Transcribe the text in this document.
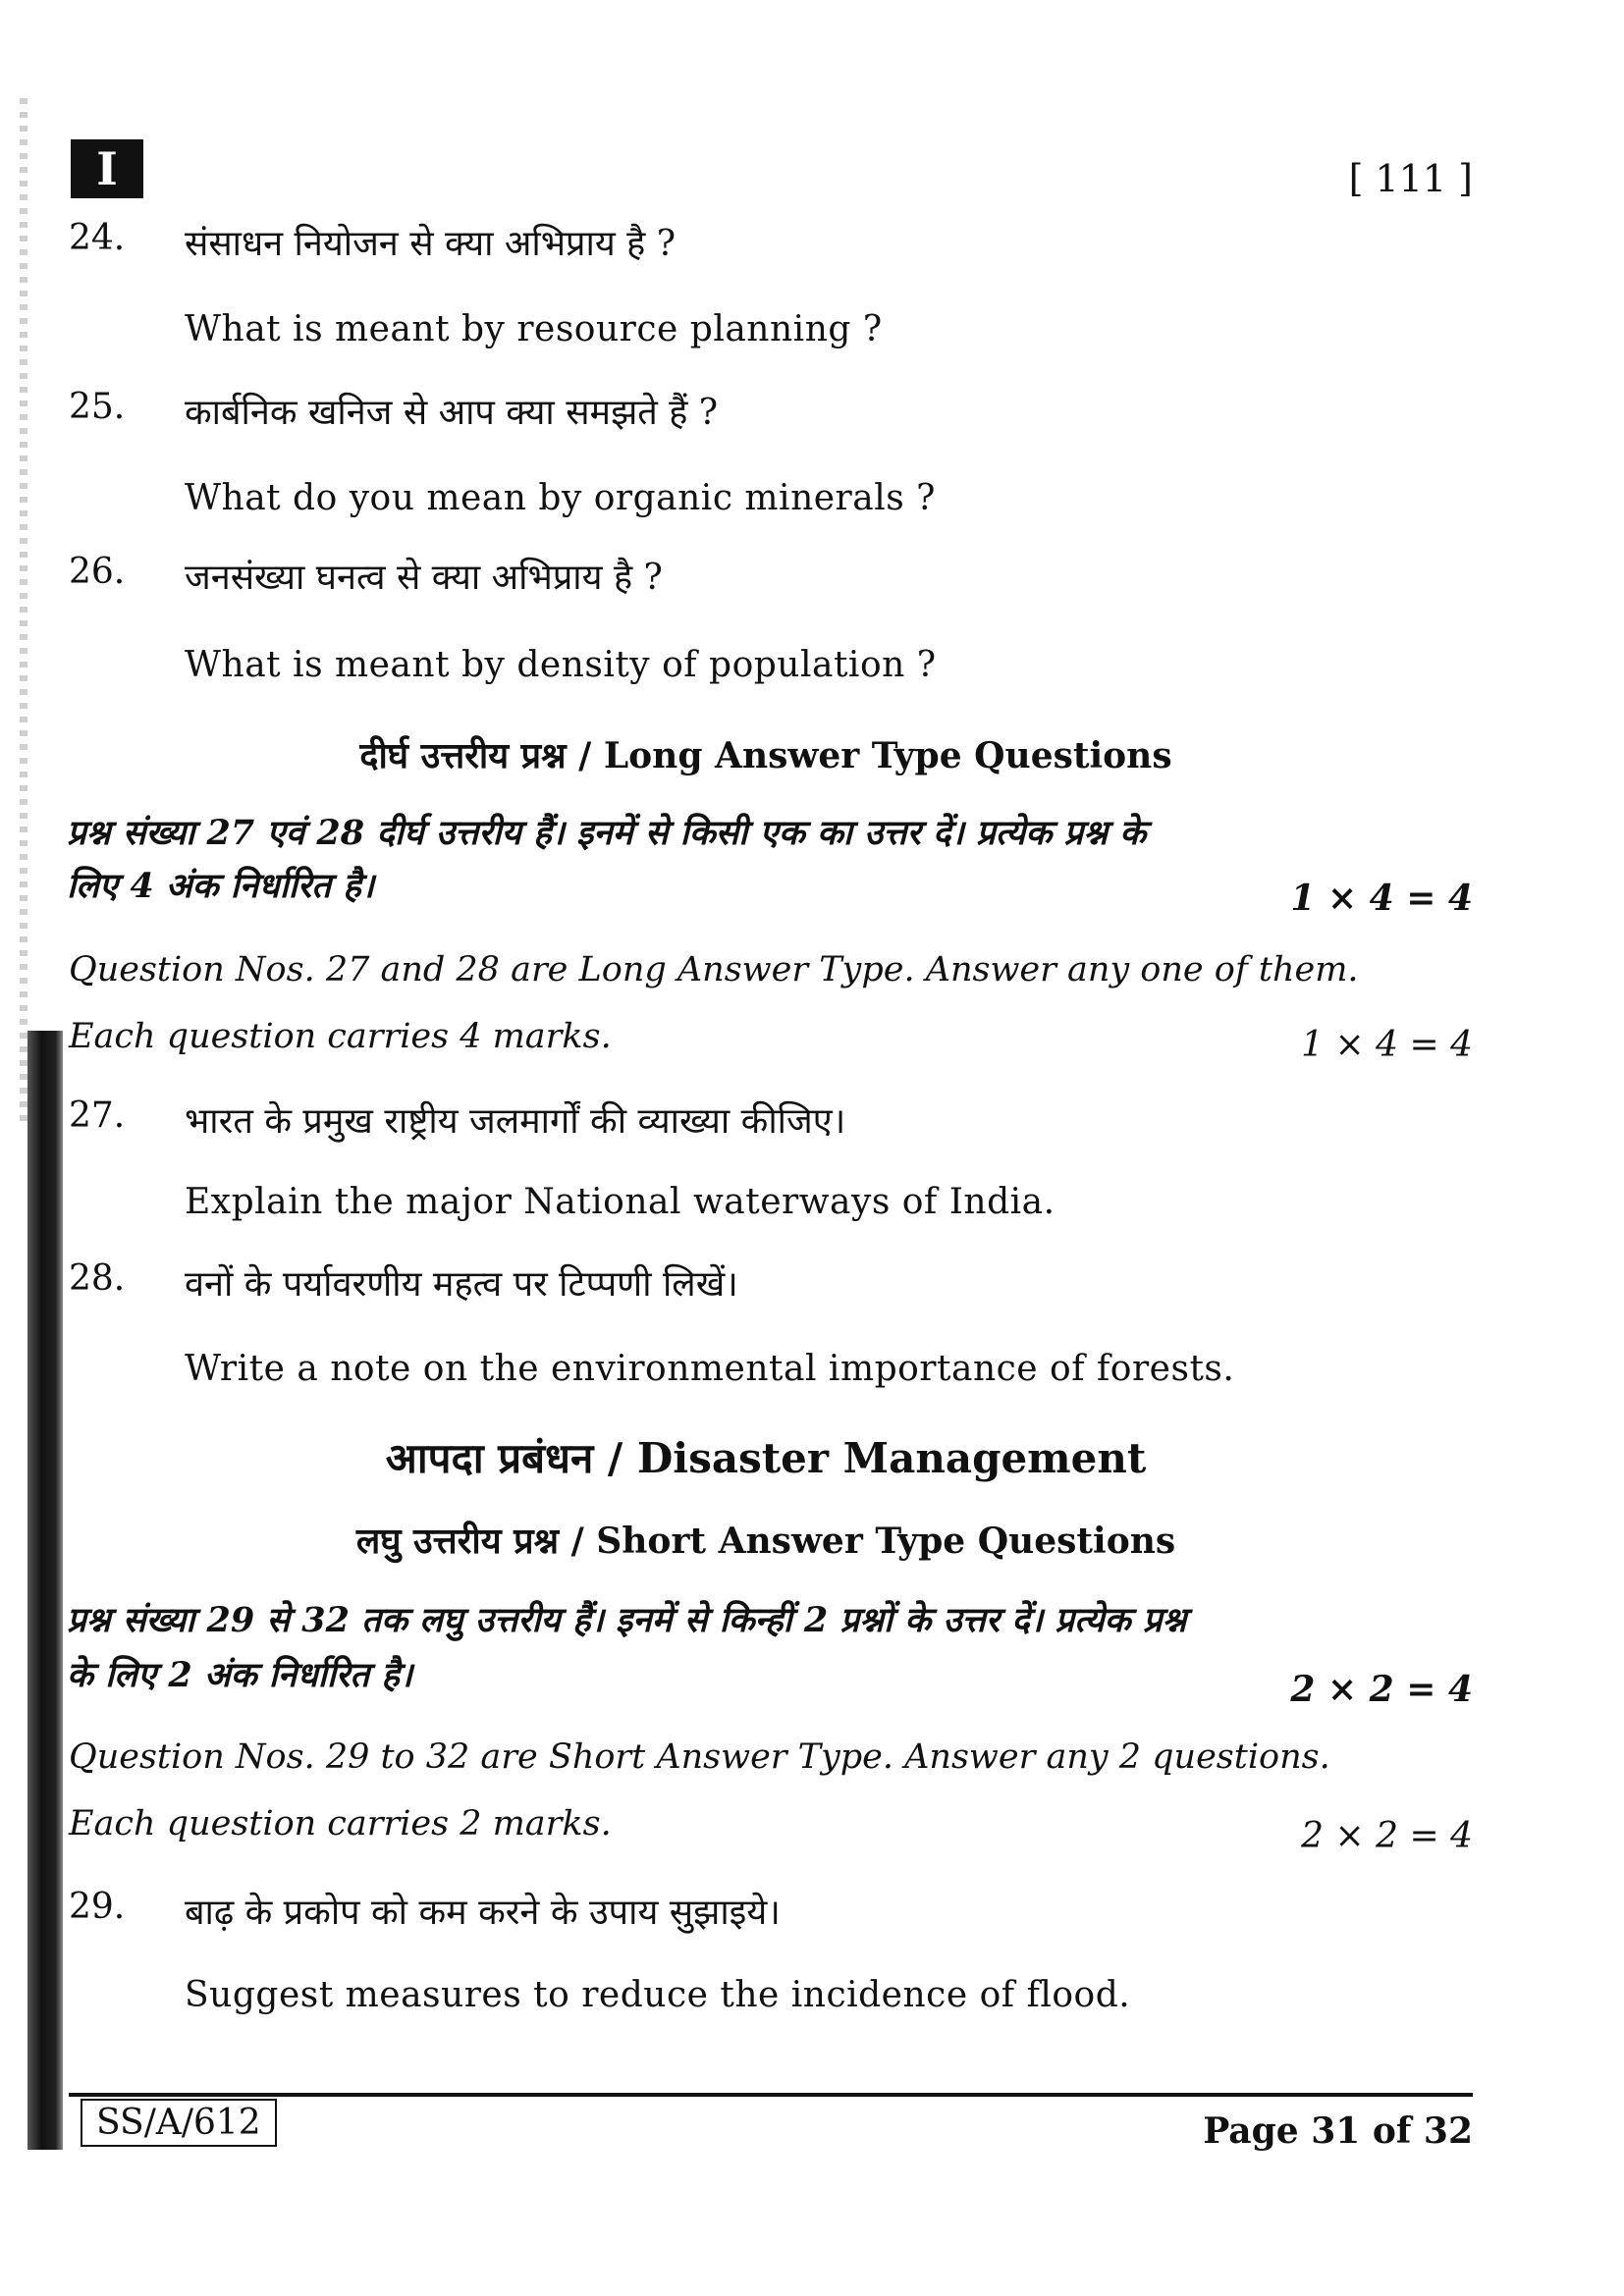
I	[ 111 ]
24. संसाधन नियोजन से क्या अभिप्राय है ?
What is meant by resource planning ?
25. कार्बनिक खनिज से आप क्या समझते हैं ?
What do you mean by organic minerals ?
26. जनसंख्या घनत्व से क्या अभिप्राय है ?
What is meant by density of population ?
दीर्घ उत्तरीय प्रश्न / Long Answer Type Questions
प्रश्न संख्या 27 एवं 28 दीर्घ उत्तरीय हैं। इनमें से किसी एक का उत्तर दें। प्रत्येक प्रश्न के
लिए 4 अंक निर्धारित है।	1 × 4 = 4
Question Nos. 27 and 28 are Long Answer Type. Answer any one of them.
Each question carries 4 marks.	1 × 4 = 4
27. भारत के प्रमुख राष्ट्रीय जलमार्गों की व्याख्या कीजिए।
Explain the major National waterways of India.
28. वनों के पर्यावरणीय महत्व पर टिप्पणी लिखें।
Write a note on the environmental importance of forests.
आपदा प्रबंधन / Disaster Management
लघु उत्तरीय प्रश्न / Short Answer Type Questions
प्रश्न संख्या 29 से 32 तक लघु उत्तरीय हैं। इनमें से किन्हीं 2 प्रश्नों के उत्तर दें। प्रत्येक प्रश्न
के लिए 2 अंक निर्धारित है।	2 × 2 = 4
Question Nos. 29 to 32 are Short Answer Type. Answer any 2 questions.
Each question carries 2 marks.	2 × 2 = 4
29. बाढ़ के प्रकोप को कम करने के उपाय सुझाइये।
Suggest measures to reduce the incidence of flood.
SS/A/612	Page 31 of 32
